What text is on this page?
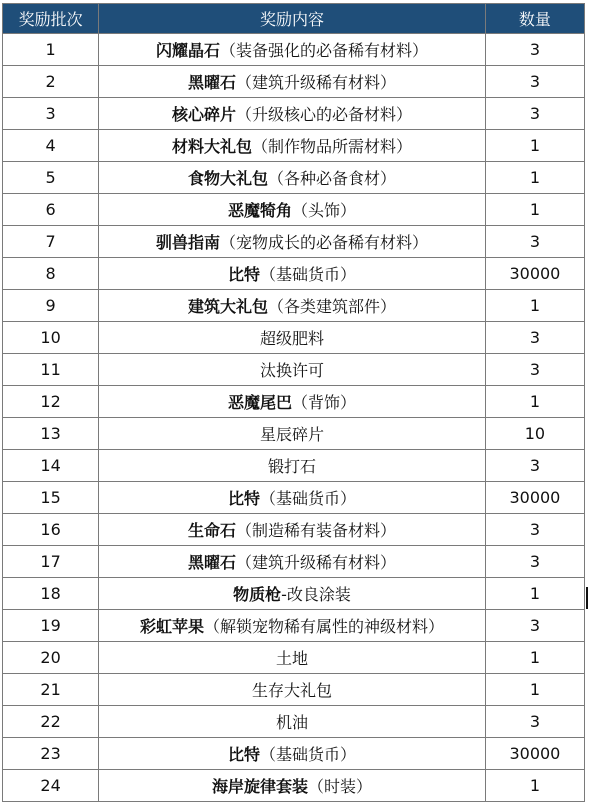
奖励批次	奖励内容	数量
1	闪耀晶石（装备强化的必备稀有材料）	3
2	黑曜石（建筑升级稀有材料）	3
3	核心碎片（升级核心的必备材料）	3
4	材料大礼包（制作物品所需材料）	1
5	食物大礼包（各种必备食材）	1
6	恶魔犄角（头饰）	1
7	驯兽指南（宠物成长的必备稀有材料）	3
8	比特（基础货币）	30000
9	建筑大礼包（各类建筑部件）	1
10	超级肥料	3
11	汰换许可	3
12	恶魔尾巴（背饰）	1
13	星辰碎片	10
14	锻打石	3
15	比特（基础货币）	30000
16	生命石（制造稀有装备材料）	3
17	黑曜石（建筑升级稀有材料）	3
18	物质枪-改良涂装	1
19	彩虹苹果（解锁宠物稀有属性的神级材料）	3
20	土地	1
21	生存大礼包	1
22	机油	3
23	比特（基础货币）	30000
24	海岸旋律套装（时装）	1
